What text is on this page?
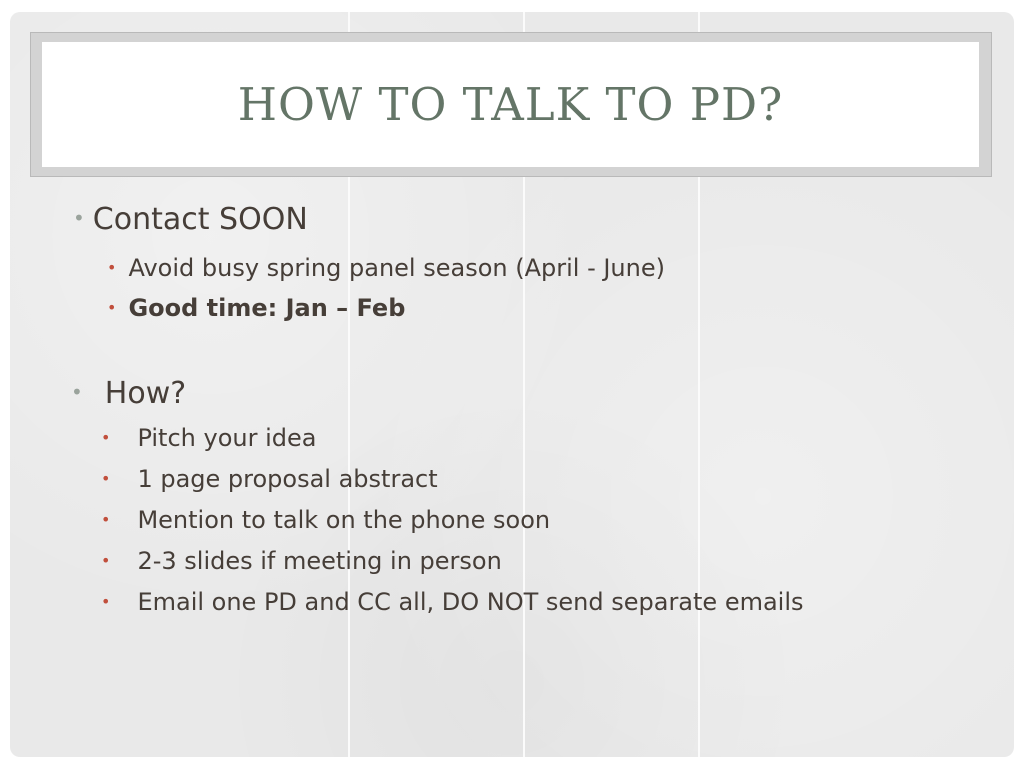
HOW TO TALK TO PD?
• Contact SOON
• Avoid busy spring panel season (April - June)
• Good time: Jan – Feb
• How?
• Pitch your idea
• 1 page proposal abstract
• Mention to talk on the phone soon
• 2-3 slides if meeting in person
• Email one PD and CC all, DO NOT send separate emails
